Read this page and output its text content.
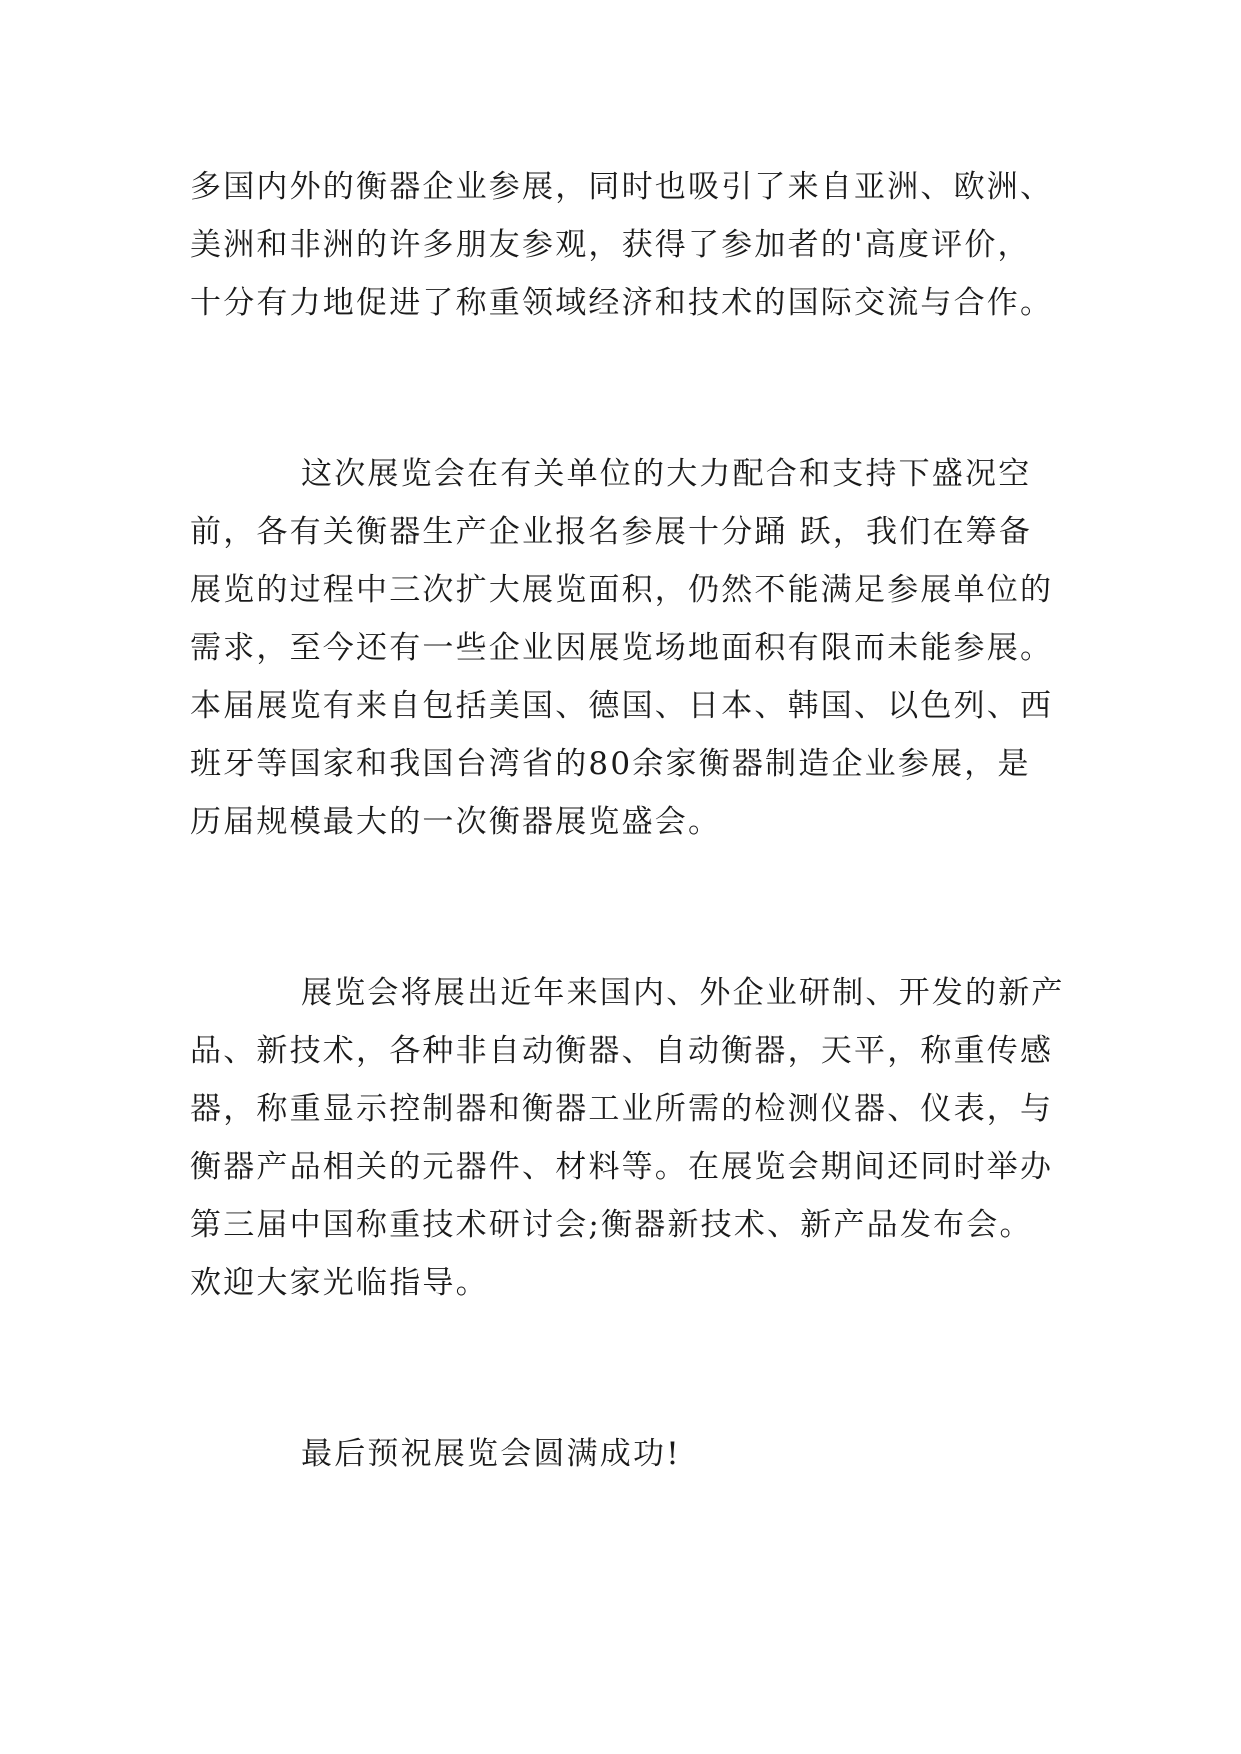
多国内外的衡器企业参展，同时也吸引了来自亚洲、欧洲、

美洲和非洲的许多朋友参观，获得了参加者的'高度评价，

十分有力地促进了称重领域经济和技术的国际交流与合作。

这次展览会在有关单位的大力配合和支持下盛况空

前，各有关衡器生产企业报名参展十分踊 跃，我们在筹备

展览的过程中三次扩大展览面积，仍然不能满足参展单位的

需求，至今还有一些企业因展览场地面积有限而未能参展。

本届展览有来自包括美国、德国、日本、韩国、以色列、西

班牙等国家和我国台湾省的80余家衡器制造企业参展，是

历届规模最大的一次衡器展览盛会。

展览会将展出近年来国内、外企业研制、开发的新产

品、新技术，各种非自动衡器、自动衡器，天平，称重传感

器，称重显示控制器和衡器工业所需的检测仪器、仪表，与

衡器产品相关的元器件、材料等。在展览会期间还同时举办

第三届中国称重技术研讨会;衡器新技术、新产品发布会。

欢迎大家光临指导。

最后预祝展览会圆满成功!
